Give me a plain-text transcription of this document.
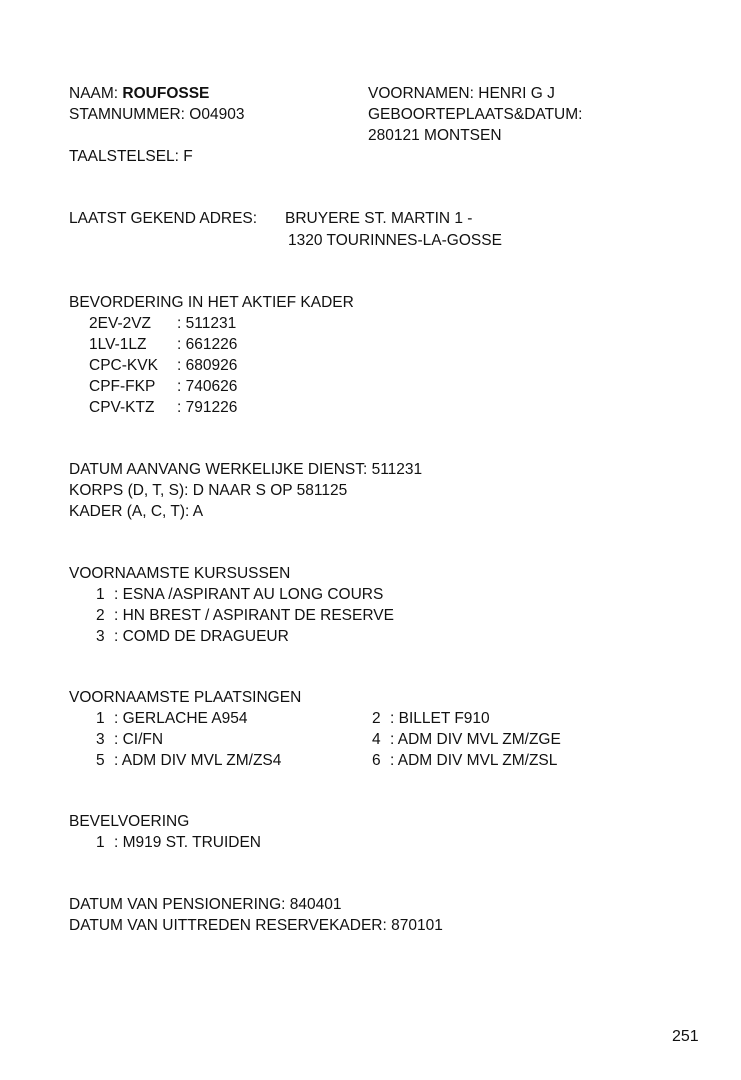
NAAM: ROUFOSSE
STAMNUMMER: O04903
VOORNAMEN: HENRI G J
GEBOORTEPLAATS&DATUM:
280121 MONTSEN
TAALSTELSEL: F
LAATST GEKEND ADRES: BRUYERE ST. MARTIN 1 -
1320 TOURINNES-LA-GOSSE
BEVORDERING IN HET AKTIEF KADER
2EV-2VZ : 511231
1LV-1LZ : 661226
CPC-KVK : 680926
CPF-FKP : 740626
CPV-KTZ : 791226
DATUM AANVANG WERKELIJKE DIENST: 511231
KORPS (D, T, S): D NAAR S OP 581125
KADER (A, C, T): A
VOORNAAMSTE KURSUSSEN
1 : ESNA /ASPIRANT AU LONG COURS
2 : HN BREST / ASPIRANT DE RESERVE
3 : COMD DE DRAGUEUR
VOORNAAMSTE PLAATSINGEN
1 : GERLACHE A954
3 : CI/FN
5 : ADM DIV MVL ZM/ZS4
2 : BILLET F910
4 : ADM DIV MVL ZM/ZGE
6 : ADM DIV MVL ZM/ZSL
BEVELVOERING
1 : M919 ST. TRUIDEN
DATUM VAN PENSIONERING: 840401
DATUM VAN UITTREDEN RESERVEKADER: 870101
251
